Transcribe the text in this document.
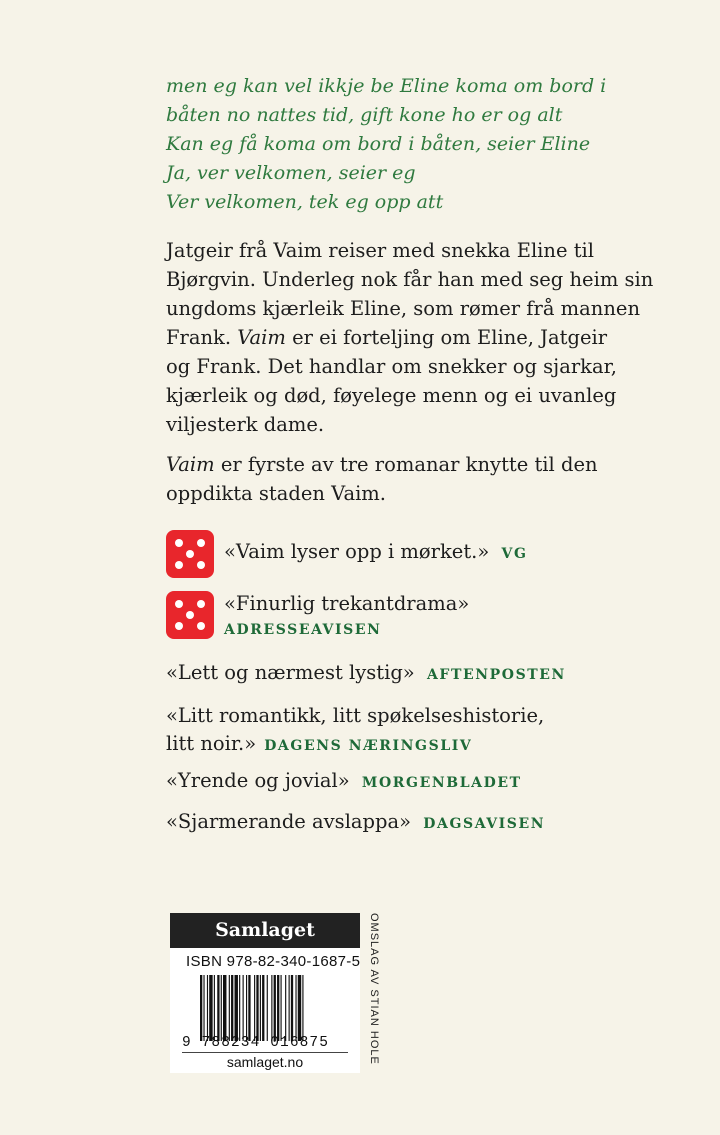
men eg kan vel ikkje be Eline koma om bord i
båten no nattes tid, gift kone ho er og alt
Kan eg få koma om bord i båten, seier Eline
Ja, ver velkomen, seier eg
Ver velkomen, tek eg opp att

Jatgeir frå Vaim reiser med snekka Eline til
Bjørgvin. Underleg nok får han med seg heim sin
ungdoms kjærleik Eline, som rømer frå mannen
Frank. Vaim er ei forteljing om Eline, Jatgeir
og Frank. Det handlar om snekker og sjarkar,
kjærleik og død, føyelege menn og ei uvanleg
viljesterk dame.

Vaim er fyrste av tre romanar knytte til den
oppdikta staden Vaim.

«Vaim lyser opp i mørket.» VG
«Finurlig trekantdrama»
ADRESSEAVISEN
«Lett og nærmest lystig» AFTENPOSTEN
«Litt romantikk, litt spøkelseshistorie,
litt noir.» DAGENS NÆRINGSLIV
«Yrende og jovial» MORGENBLADET
«Sjarmerande avslappa» DAGSAVISEN
Samlaget
ISBN 978-82-340-1687-5
9 788234 016875
samlaget.no	OMSLAG AV STIAN HOLE
